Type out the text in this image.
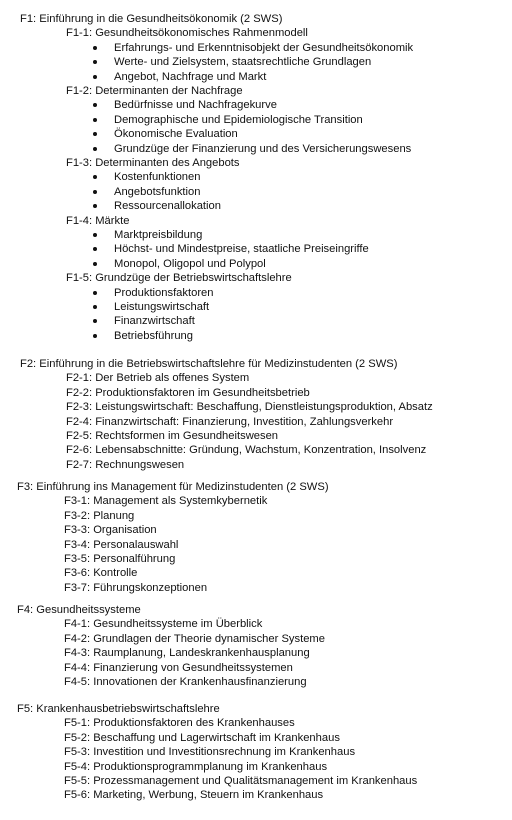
F1: Einführung in die Gesundheitsökonomik (2 SWS)
F1-1: Gesundheitsökonomisches Rahmenmodell
Erfahrungs- und Erkenntnisobjekt der Gesundheitsökonomik
Werte- und Zielsystem, staatsrechtliche Grundlagen
Angebot, Nachfrage und Markt
F1-2: Determinanten der Nachfrage
Bedürfnisse und Nachfragekurve
Demographische und Epidemiologische Transition
Ökonomische Evaluation
Grundzüge der Finanzierung und des Versicherungswesens
F1-3: Determinanten des Angebots
Kostenfunktionen
Angebotsfunktion
Ressourcenallokation
F1-4: Märkte
Marktpreisbildung
Höchst- und Mindestpreise, staatliche Preiseingriffe
Monopol, Oligopol und Polypol
F1-5: Grundzüge der Betriebswirtschaftslehre
Produktionsfaktoren
Leistungswirtschaft
Finanzwirtschaft
Betriebsführung
F2: Einführung in die Betriebswirtschaftslehre für Medizinstudenten (2 SWS)
F2-1: Der Betrieb als offenes System
F2-2: Produktionsfaktoren im Gesundheitsbetrieb
F2-3: Leistungswirtschaft: Beschaffung, Dienstleistungsproduktion, Absatz
F2-4: Finanzwirtschaft: Finanzierung, Investition, Zahlungsverkehr
F2-5: Rechtsformen im Gesundheitswesen
F2-6: Lebensabschnitte: Gründung, Wachstum, Konzentration, Insolvenz
F2-7: Rechnungswesen
F3: Einführung ins Management für Medizinstudenten (2 SWS)
F3-1: Management als Systemkybernetik
F3-2: Planung
F3-3: Organisation
F3-4: Personalauswahl
F3-5: Personalführung
F3-6: Kontrolle
F3-7: Führungskonzeptionen
F4: Gesundheitssysteme
F4-1: Gesundheitssysteme im Überblick
F4-2: Grundlagen der Theorie dynamischer Systeme
F4-3: Raumplanung, Landeskrankenhausplanung
F4-4: Finanzierung von Gesundheitssystemen
F4-5: Innovationen der Krankenhausfinanzierung
F5: Krankenhausbetriebswirtschaftslehre
F5-1: Produktionsfaktoren des Krankenhauses
F5-2: Beschaffung und Lagerwirtschaft im Krankenhaus
F5-3: Investition und Investitionsrechnung im Krankenhaus
F5-4: Produktionsprogrammplanung im Krankenhaus
F5-5: Prozessmanagement und Qualitätsmanagement im Krankenhaus
F5-6: Marketing, Werbung, Steuern im Krankenhaus
